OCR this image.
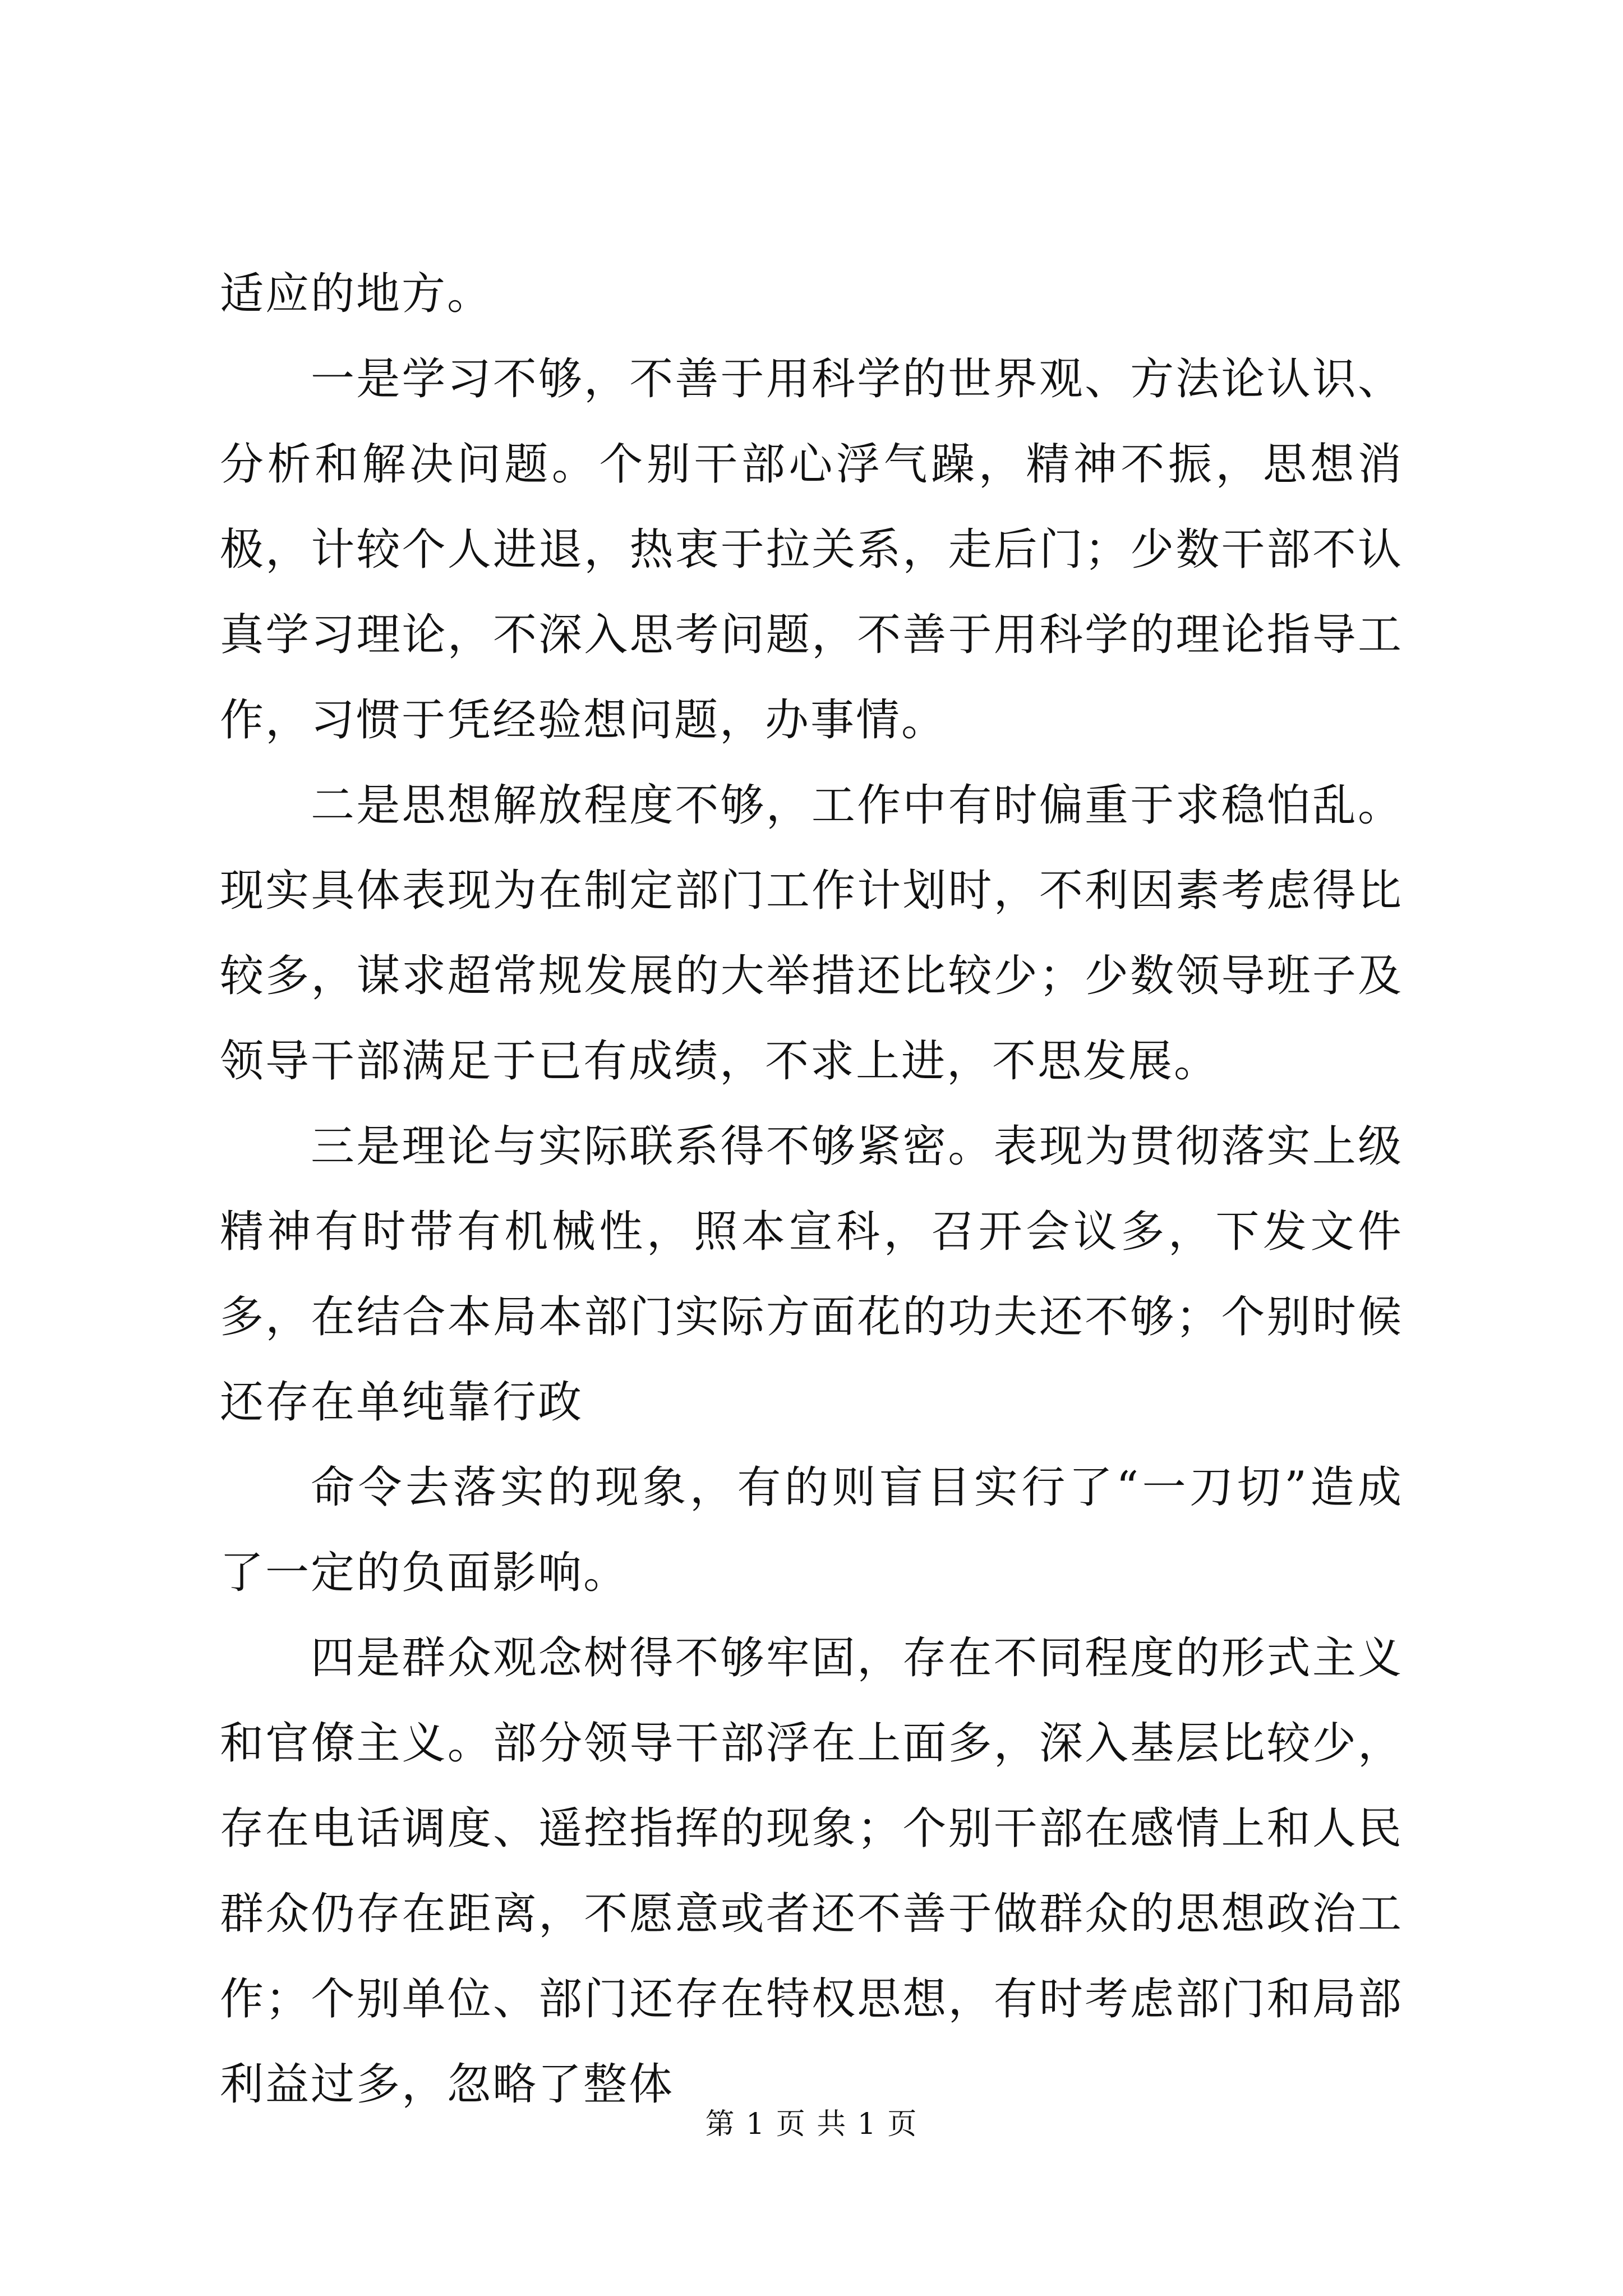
适应的地方。

一是学习不够，不善于用科学的世界观、方法论认识、分析和解决问题。个别干部心浮气躁，精神不振，思想消极，计较个人进退，热衷于拉关系，走后门；少数干部不认真学习理论，不深入思考问题，不善于用科学的理论指导工作，习惯于凭经验想问题，办事情。

二是思想解放程度不够，工作中有时偏重于求稳怕乱。现实具体表现为在制定部门工作计划时，不利因素考虑得比较多，谋求超常规发展的大举措还比较少；少数领导班子及领导干部满足于已有成绩，不求上进，不思发展。

三是理论与实际联系得不够紧密。表现为贯彻落实上级精神有时带有机械性，照本宣科，召开会议多，下发文件多，在结合本局本部门实际方面花的功夫还不够；个别时候还存在单纯靠行政

命令去落实的现象，有的则盲目实行了“一刀切”造成了一定的负面影响。

四是群众观念树得不够牢固，存在不同程度的形式主义和官僚主义。部分领导干部浮在上面多，深入基层比较少，存在电话调度、遥控指挥的现象；个别干部在感情上和人民群众仍存在距离，不愿意或者还不善于做群众的思想政治工作；个别单位、部门还存在特权思想，有时考虑部门和局部利益过多，忽略了整体

第 1 页 共 1 页
